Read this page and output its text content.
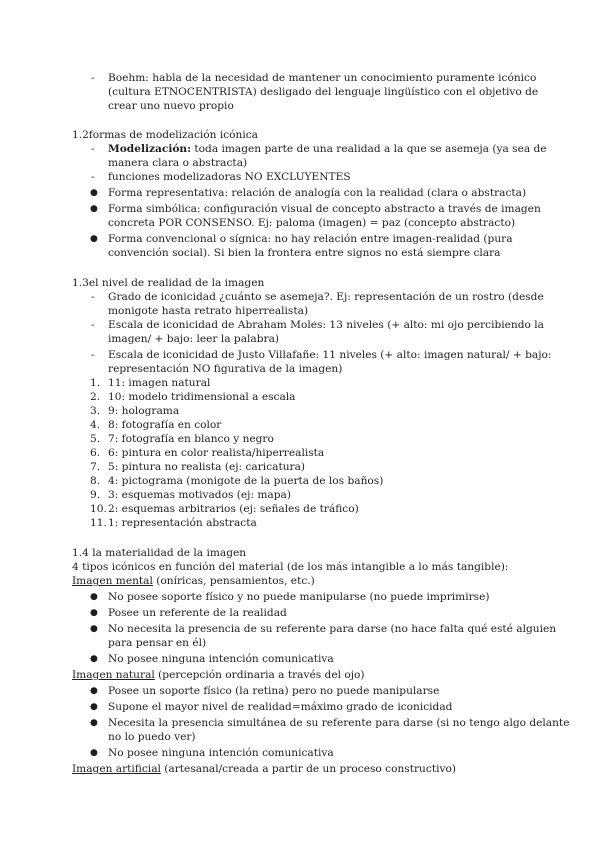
- Boehm: habla de la necesidad de mantener un conocimiento puramente icónico
(cultura ETNOCENTRISTA) desligado del lenguaje lingüístico con el objetivo de
crear uno nuevo propio
1.2formas de modelización icónica
- Modelización: toda imagen parte de una realidad a la que se asemeja (ya sea de
manera clara o abstracta)
- funciones modelizadoras NO EXCLUYENTES
● Forma representativa: relación de analogía con la realidad (clara o abstracta)
● Forma simbólica: configuración visual de concepto abstracto a través de imagen
concreta POR CONSENSO. Ej: paloma (imagen) = paz (concepto abstracto)
● Forma convencional o sígnica: no hay relación entre imagen-realidad (pura
convención social). Si bien la frontera entre signos no está siempre clara
1.3el nivel de realidad de la imagen
- Grado de iconicidad ¿cuánto se asemeja?. Ej: representación de un rostro (desde
monigote hasta retrato hiperrealista)
- Escala de iconicidad de Abraham Moles: 13 niveles (+ alto: mi ojo percibiendo la
imagen/ + bajo: leer la palabra)
- Escala de iconicidad de Justo Villafañe: 11 niveles (+ alto: imagen natural/ + bajo:
representación NO figurativa de la imagen)
1. 11: imagen natural
2. 10: modelo tridimensional a escala
3. 9: holograma
4. 8: fotografía en color
5. 7: fotografía en blanco y negro
6. 6: pintura en color realista/hiperrealista
7. 5: pintura no realista (ej: caricatura)
8. 4: pictograma (monigote de la puerta de los baños)
9. 3: esquemas motivados (ej: mapa)
10. 2: esquemas arbitrarios (ej: señales de tráfico)
11. 1: representación abstracta
1.4 la materialidad de la imagen
4 tipos icónicos en función del material (de los más intangible a lo más tangible):
Imagen mental (oníricas, pensamientos, etc.)
● No posee soporte físico y no puede manipularse (no puede imprimirse)
● Posee un referente de la realidad
● No necesita la presencia de su referente para darse (no hace falta qué esté alguien
para pensar en él)
● No posee ninguna intención comunicativa
Imagen natural (percepción ordinaria a través del ojo)
● Posee un soporte físico (la retina) pero no puede manipularse
● Supone el mayor nivel de realidad=máximo grado de iconicidad
● Necesita la presencia simultánea de su referente para darse (si no tengo algo delante
no lo puedo ver)
● No posee ninguna intención comunicativa
Imagen artificial (artesanal/creada a partir de un proceso constructivo)
